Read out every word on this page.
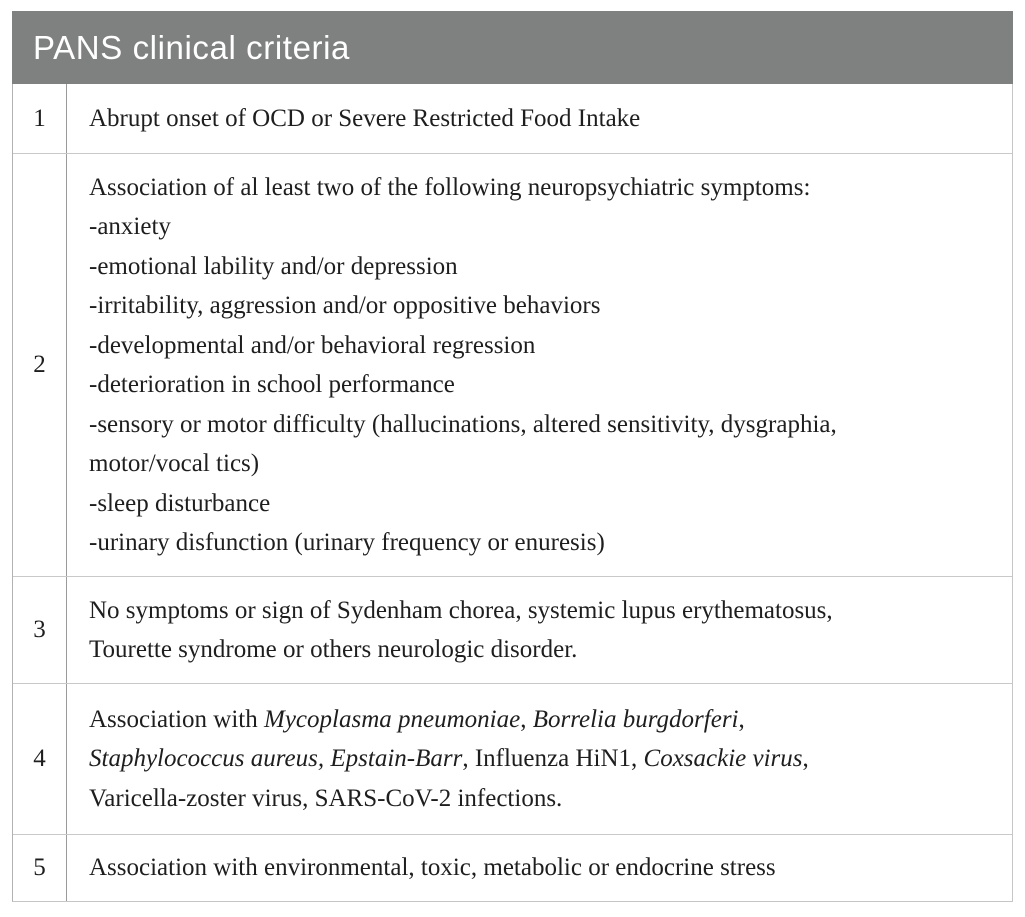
PANS clinical criteria
1	Abrupt onset of OCD or Severe Restricted Food Intake
2
Association of al least two of the following neuropsychiatric symptoms:
-anxiety
-emotional lability and/or depression
-irritability, aggression and/or oppositive behaviors
-developmental and/or behavioral regression
-deterioration in school performance
-sensory or motor difficulty (hallucinations, altered sensitivity, dysgraphia,
motor/vocal tics)
-sleep disturbance
-urinary disfunction (urinary frequency or enuresis)
3
No symptoms or sign of Sydenham chorea, systemic lupus erythematosus,
Tourette syndrome or others neurologic disorder.
4
Association with Mycoplasma pneumoniae, Borrelia burgdorferi,
Staphylococcus aureus, Epstain-Barr, Influenza HiN1, Coxsackie virus,
Varicella-zoster virus, SARS-CoV-2 infections.
5	Association with environmental, toxic, metabolic or endocrine stress
